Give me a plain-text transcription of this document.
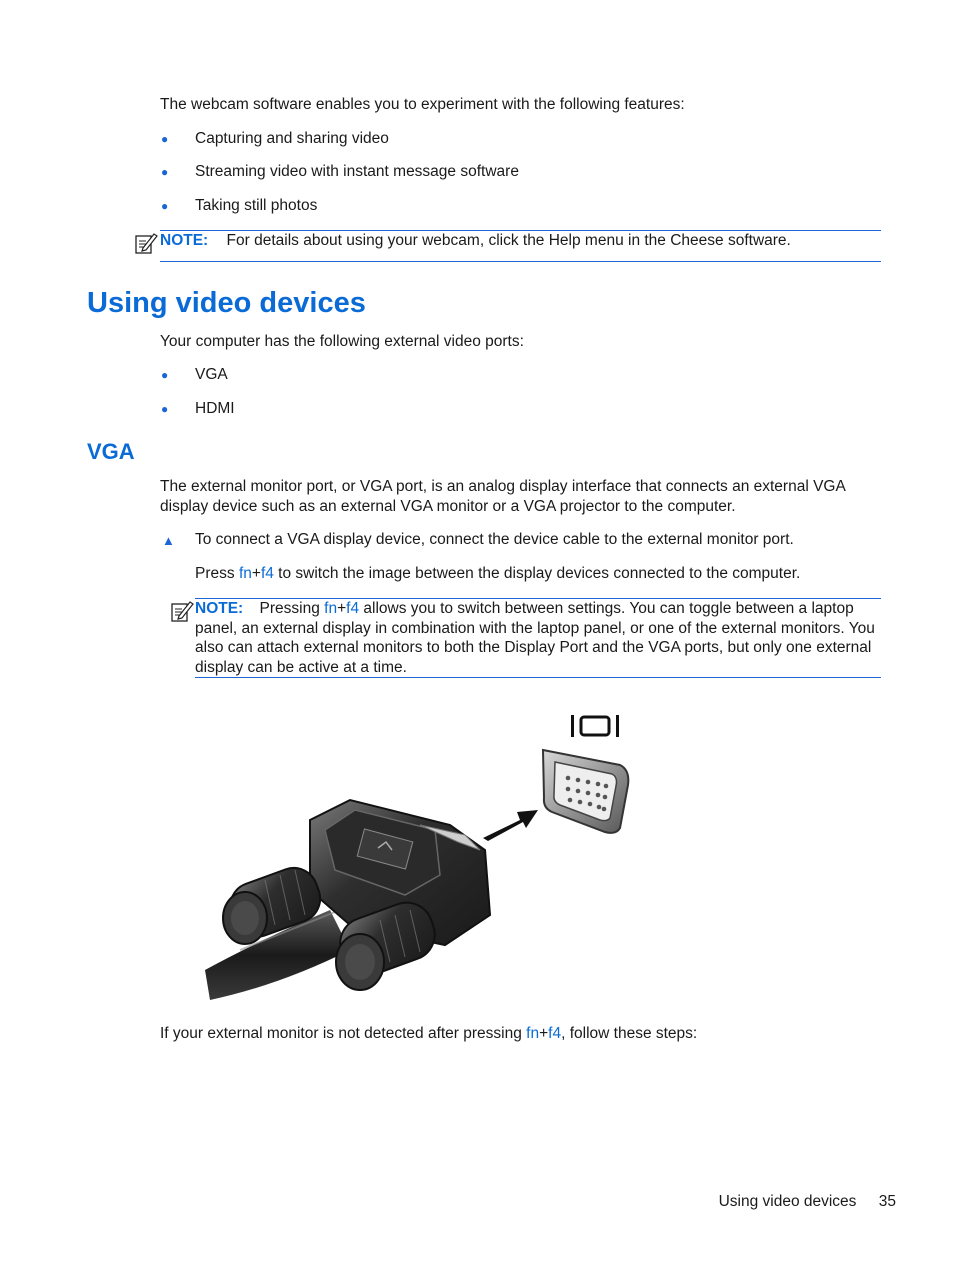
The webcam software enables you to experiment with the following features:
● Capturing and sharing video
● Streaming video with instant message software
● Taking still photos
NOTE: For details about using your webcam, click the Help menu in the Cheese software.
Using video devices
Your computer has the following external video ports:
● VGA
● HDMI
VGA
The external monitor port, or VGA port, is an analog display interface that connects an external VGA display device such as an external VGA monitor or a VGA projector to the computer.
▲ To connect a VGA display device, connect the device cable to the external monitor port.
Press fn+f4 to switch the image between the display devices connected to the computer.
NOTE: Pressing fn+f4 allows you to switch between settings. You can toggle between a laptop panel, an external display in combination with the laptop panel, or one of the external monitors. You also can attach external monitors to both the Display Port and the VGA ports, but only one external display can be active at a time.
If your external monitor is not detected after pressing fn+f4, follow these steps:
Using video devices 35
